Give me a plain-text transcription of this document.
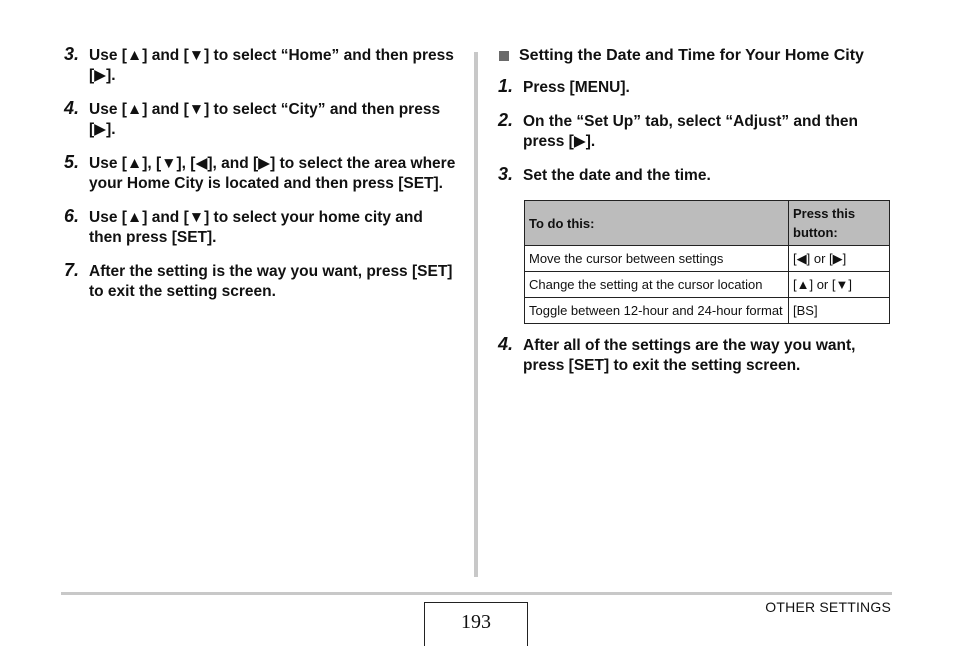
3. Use [▲] and [▼] to select “Home” and then press [▶].
4. Use [▲] and [▼] to select “City” and then press [▶].
5. Use [▲], [▼], [◀], and [▶] to select the area where your Home City is located and then press [SET].
6. Use [▲] and [▼] to select your home city and then press [SET].
7. After the setting is the way you want, press [SET] to exit the setting screen.
Setting the Date and Time for Your Home City
1. Press [MENU].
2. On the “Set Up” tab, select “Adjust” and then press [▶].
3. Set the date and the time.
To do this:	Press this button:
Move the cursor between settings	[◀] or [▶]
Change the setting at the cursor location	[▲] or [▼]
Toggle between 12-hour and 24-hour format	[BS]
4. After all of the settings are the way you want, press [SET] to exit the setting screen.
193
OTHER SETTINGS
